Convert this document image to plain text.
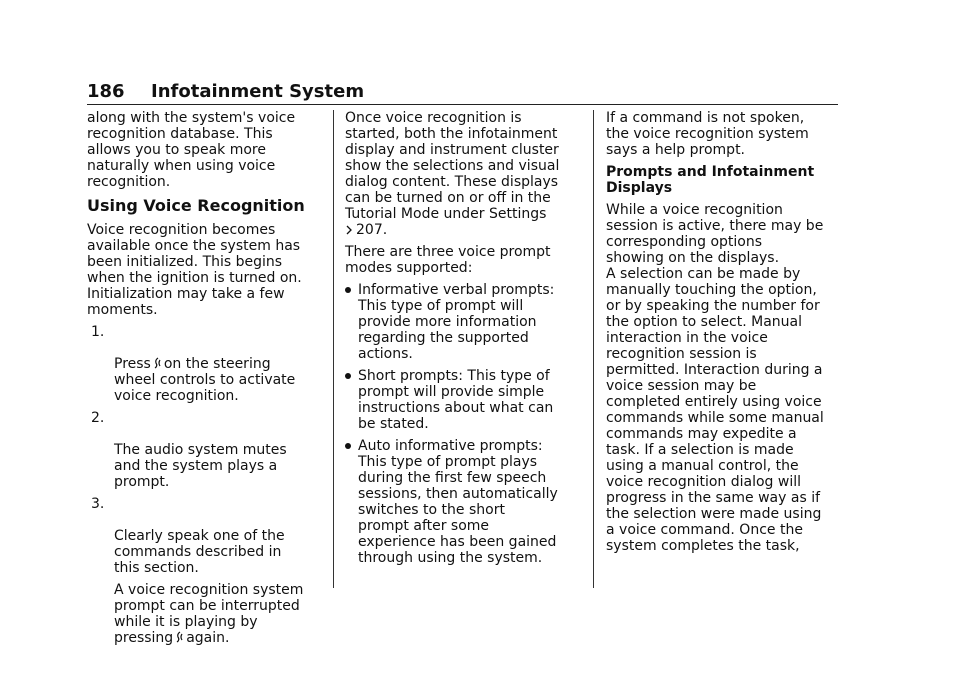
186 Infotainment System

along with the system's voice
recognition database. This
allows you to speak more
naturally when using voice
recognition.

Using Voice Recognition

Voice recognition becomes
available once the system has
been initialized. This begins
when the ignition is turned on.
Initialization may take a few
moments.

1.

Press on the steering
wheel controls to activate
voice recognition.

2.

The audio system mutes
and the system plays a
prompt.

3.

Clearly speak one of the
commands described in
this section.

A voice recognition system
prompt can be interrupted
while it is playing by
pressing again.

Once voice recognition is
started, both the infotainment
display and instrument cluster
show the selections and visual
dialog content. These displays
can be turned on or off in the
Tutorial Mode under Settings
207.

There are three voice prompt
modes supported:

Informative verbal prompts:
This type of prompt will
provide more information
regarding the supported
actions.
Short prompts: This type of
prompt will provide simple
instructions about what can
be stated.
Auto informative prompts:
This type of prompt plays
during the first few speech
sessions, then automatically
switches to the short
prompt after some
experience has been gained
through using the system.

If a command is not spoken,
the voice recognition system
says a help prompt.

Prompts and Infotainment
Displays

While a voice recognition
session is active, there may be
corresponding options
showing on the displays.
A selection can be made by
manually touching the option,
or by speaking the number for
the option to select. Manual
interaction in the voice
recognition session is
permitted. Interaction during a
voice session may be
completed entirely using voice
commands while some manual
commands may expedite a
task. If a selection is made
using a manual control, the
voice recognition dialog will
progress in the same way as if
the selection were made using
a voice command. Once the
system completes the task,
